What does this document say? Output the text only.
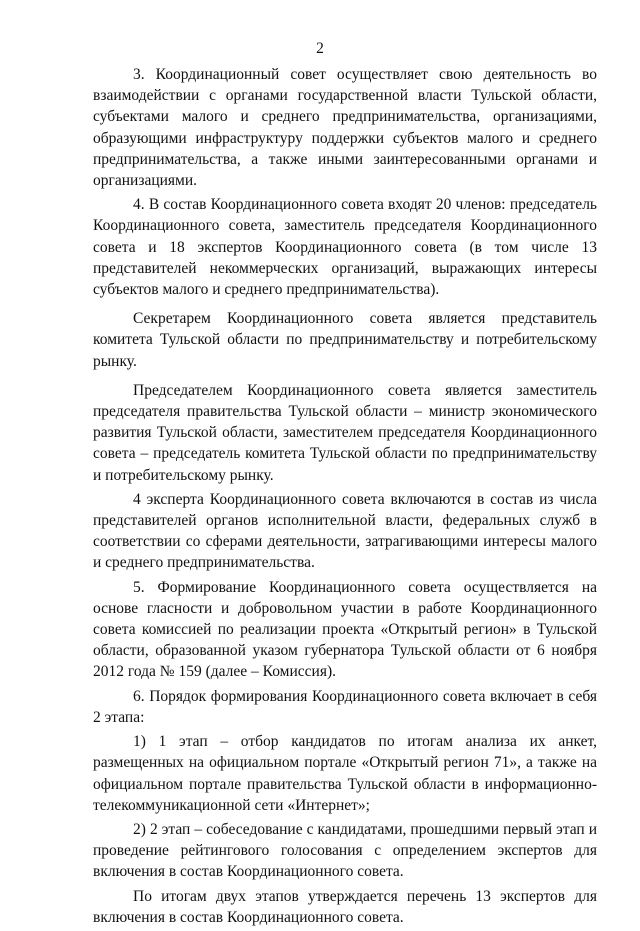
2

3. Координационный совет осуществляет свою деятельность во взаимодействии с органами государственной власти Тульской области, субъектами малого и среднего предпринимательства, организациями, образующими инфраструктуру поддержки субъектов малого и среднего предпринимательства, а также иными заинтересованными органами и организациями.

4. В состав Координационного совета входят 20 членов: председатель Координационного совета, заместитель председателя Координационного совета и 18 экспертов Координационного совета (в том числе 13 представителей некоммерческих организаций, выражающих интересы субъектов малого и среднего предпринимательства).

Секретарем Координационного совета является представитель комитета Тульской области по предпринимательству и потребительскому рынку.

Председателем Координационного совета является заместитель председателя правительства Тульской области – министр экономического развития Тульской области, заместителем председателя Координационного совета – председатель комитета Тульской области по предпринимательству и потребительскому рынку.

4 эксперта Координационного совета включаются в состав из числа представителей органов исполнительной власти, федеральных служб в соответствии со сферами деятельности, затрагивающими интересы малого и среднего предпринимательства.

5. Формирование Координационного совета осуществляется на основе гласности и добровольном участии в работе Координационного совета комиссией по реализации проекта «Открытый регион» в Тульской области, образованной указом губернатора Тульской области от 6 ноября 2012 года № 159 (далее – Комиссия).

6. Порядок формирования Координационного совета включает в себя 2 этапа:

1) 1 этап – отбор кандидатов по итогам анализа их анкет, размещенных на официальном портале «Открытый регион 71», а также на официальном портале правительства Тульской области в информационно-телекоммуникационной сети «Интернет»;

2) 2 этап – собеседование с кандидатами, прошедшими первый этап и проведение рейтингового голосования с определением экспертов для включения в состав Координационного совета.

По итогам двух этапов утверждается перечень 13 экспертов для включения в состав Координационного совета.
